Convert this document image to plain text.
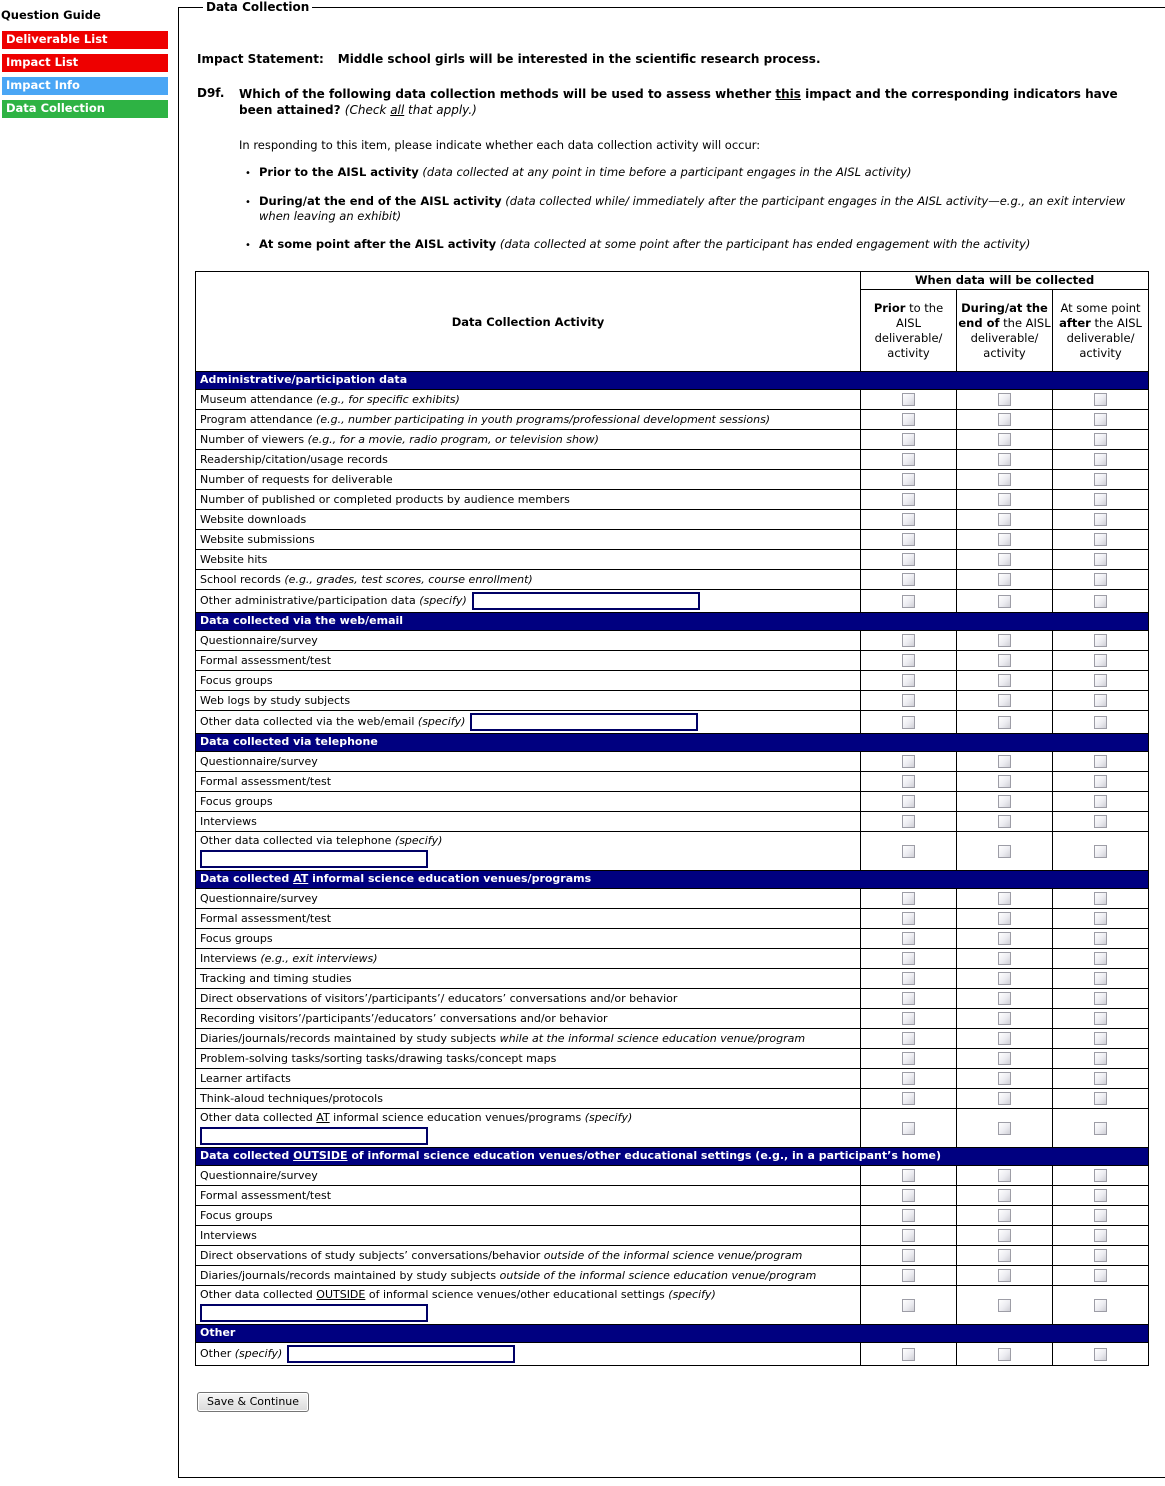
Question Guide
Deliverable List
Impact List
Impact Info
Data Collection
Data Collection
Impact Statement: Middle school girls will be interested in the scientific research process.
D9f.	Which of the following data collection methods will be used to assess whether this impact and the corresponding indicators have been attained? (Check all that apply.)
In responding to this item, please indicate whether each data collection activity will occur:
• Prior to the AISL activity (data collected at any point in time before a participant engages in the AISL activity)
• During/at the end of the AISL activity (data collected while/ immediately after the participant engages in the AISL activity—e.g., an exit interview when leaving an exhibit)
• At some point after the AISL activity (data collected at some point after the participant has ended engagement with the activity)
Data Collection Activity	When data will be collected		
	Prior to the AISL deliverable/ activity	During/at the end of the AISL deliverable/ activity	At some point after the AISL deliverable/ activity
Administrative/participation data			
Museum attendance (e.g., for specific exhibits)	

Program attendance (e.g., number participating in youth programs/professional development sessions)	

Number of viewers (e.g., for a movie, radio program, or television show)	

Readership/citation/usage records	

Number of requests for deliverable	

Number of published or completed products by audience members	

Website downloads	

Website submissions	

Website hits	

School records (e.g., grades, test scores, course enrollment)	

Other administrative/participation data (specify)	

Data collected via the web/email			
Questionnaire/survey	

Formal assessment/test	

Focus groups	

Web logs by study subjects	

Other data collected via the web/email (specify)	

Data collected via telephone			
Questionnaire/survey	

Formal assessment/test	

Focus groups	

Interviews	

Other data collected via telephone (specify)

Data collected AT informal science education venues/programs			
Questionnaire/survey	

Formal assessment/test	

Focus groups	

Interviews (e.g., exit interviews)	

Tracking and timing studies	

Direct observations of visitors’/participants’/ educators’ conversations and/or behavior	

Recording visitors’/participants’/educators’ conversations and/or behavior	

Diaries/journals/records maintained by study subjects while at the informal science education venue/program	

Problem-solving tasks/sorting tasks/drawing tasks/concept maps	

Learner artifacts	

Think-aloud techniques/protocols	

Other data collected AT informal science education venues/programs (specify)

Data collected OUTSIDE of informal science education venues/other educational settings (e.g., in a participant’s home)			
Questionnaire/survey	

Formal assessment/test	

Focus groups	

Interviews	

Direct observations of study subjects’ conversations/behavior outside of the informal science venue/program	

Diaries/journals/records maintained by study subjects outside of the informal science education venue/program	

Other data collected OUTSIDE of informal science venues/other educational settings (specify)

Other			
Other (specify)	

Save & Continue
